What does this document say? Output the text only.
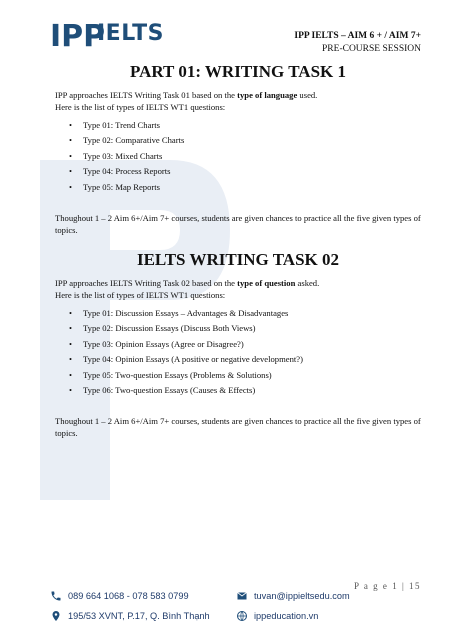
IPP
IELTS	IPP IELTS – AIM 6 + / AIM 7+
PRE-COURSE SESSION
PART 01: WRITING TASK 1

IPP approaches IELTS Writing Task 01 based on the type of language used.

Here is the list of types of IELTS WT1 questions:

• Type 01: Trend Charts
• Type 02: Comparative Charts
• Type 03: Mixed Charts
• Type 04: Process Reports
• Type 05: Map Reports

Thoughout 1 – 2 Aim 6+/Aim 7+ courses, students are given chances to practice all the five given types of topics.

IELTS WRITING TASK 02

IPP approaches IELTS Writing Task 02 based on the type of question asked.

Here is the list of types of IELTS WT1 questions:

• Type 01: Discussion Essays – Advantages & Disadvantages
• Type 02: Discussion Essays (Discuss Both Views)
• Type 03: Opinion Essays (Agree or Disagree?)
• Type 04: Opinion Essays (A positive or negative development?)
• Type 05: Two-question Essays (Problems & Solutions)
• Type 06: Two-question Essays (Causes & Effects)

Thoughout 1 – 2 Aim 6+/Aim 7+ courses, students are given chances to practice all the five given types of topics.

P a g e 1 | 15
089 664 1068 - 078 583 0799
195/53 XVNT, P.17, Q. Bình Thạnh
tuvan@ippieltsedu.com
ippeducation.vn
